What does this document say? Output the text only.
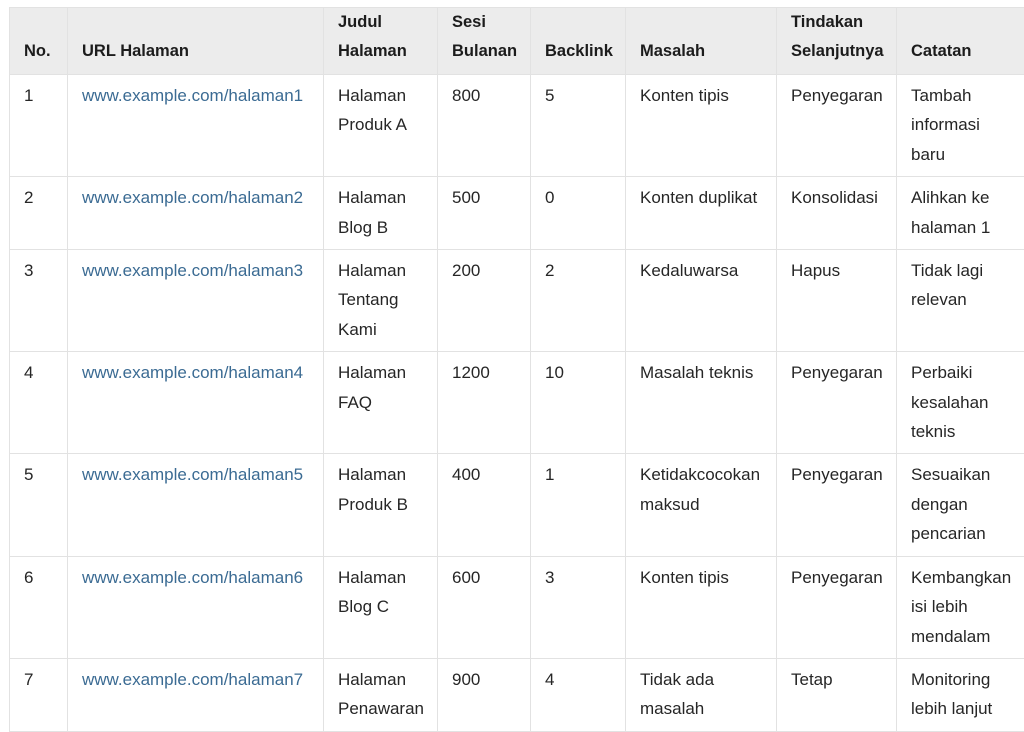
No.	URL Halaman	Judul Halaman	Sesi Bulanan	Backlink	Masalah	Tindakan Selanjutnya	Catatan
1	www.example.com/halaman1	Halaman Produk A	800	5	Konten tipis	Penyegaran	Tambah informasi baru
2	www.example.com/halaman2	Halaman Blog B	500	0	Konten duplikat	Konsolidasi	Alihkan ke halaman 1
3	www.example.com/halaman3	Halaman Tentang Kami	200	2	Kedaluwarsa	Hapus	Tidak lagi relevan
4	www.example.com/halaman4	Halaman FAQ	1200	10	Masalah teknis	Penyegaran	Perbaiki kesalahan teknis
5	www.example.com/halaman5	Halaman Produk B	400	1	Ketidakcocokan maksud	Penyegaran	Sesuaikan dengan pencarian
6	www.example.com/halaman6	Halaman Blog C	600	3	Konten tipis	Penyegaran	Kembangkan isi lebih mendalam
7	www.example.com/halaman7	Halaman Penawaran	900	4	Tidak ada masalah	Tetap	Monitoring lebih lanjut
